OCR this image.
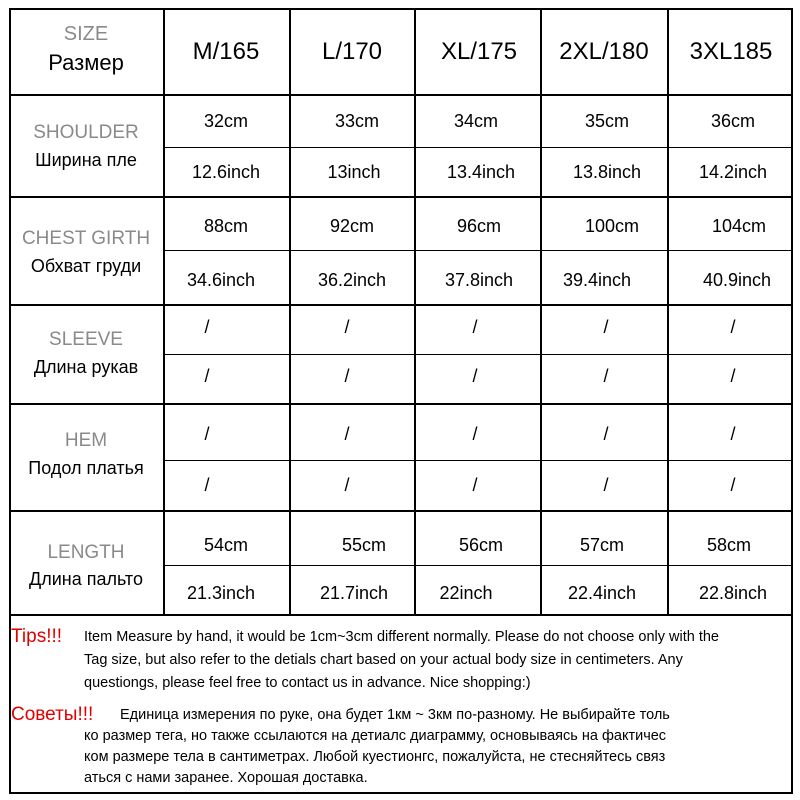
SIZE
Размер	M/165	L/170	XL/175	2XL/180	3XL185
SHOULDER
Ширина пле
32cm	33cm	34cm	35cm	36cm
12.6inch	13inch	13.4inch	13.8inch	14.2inch
CHEST GIRTH
Обхват груди
88cm	92cm	96cm	100cm	104cm
34.6inch	36.2inch	37.8inch	39.4inch	40.9inch
SLEEVE
Длина рукав
/	/	/	/	/
/	/	/	/	/
HEM
Подол платья
/	/	/	/	/
/	/	/	/	/
LENGTH
Длина пальто
54cm	55cm	56cm	57cm	58cm
21.3inch	21.7inch	22inch	22.4inch	22.8inch
Tips!!! Item Measure by hand, it would be 1cm~3cm different normally. Please do not choose only with the
Tag size, but also refer to the detials chart based on your actual body size in centimeters. Any
questiongs, please feel free to contact us in advance. Nice shopping:)
Советы!!! Единица измерения по руке, она будет 1км ~ 3км по-разному. Не выбирайте толь
ко размер тега, но также ссылаются на детиалс диаграмму, основываясь на фактичес
ком размере тела в сантиметрах. Любой куестионгс, пожалуйста, не стесняйтесь связ
аться с нами заранее. Хорошая доставка.
